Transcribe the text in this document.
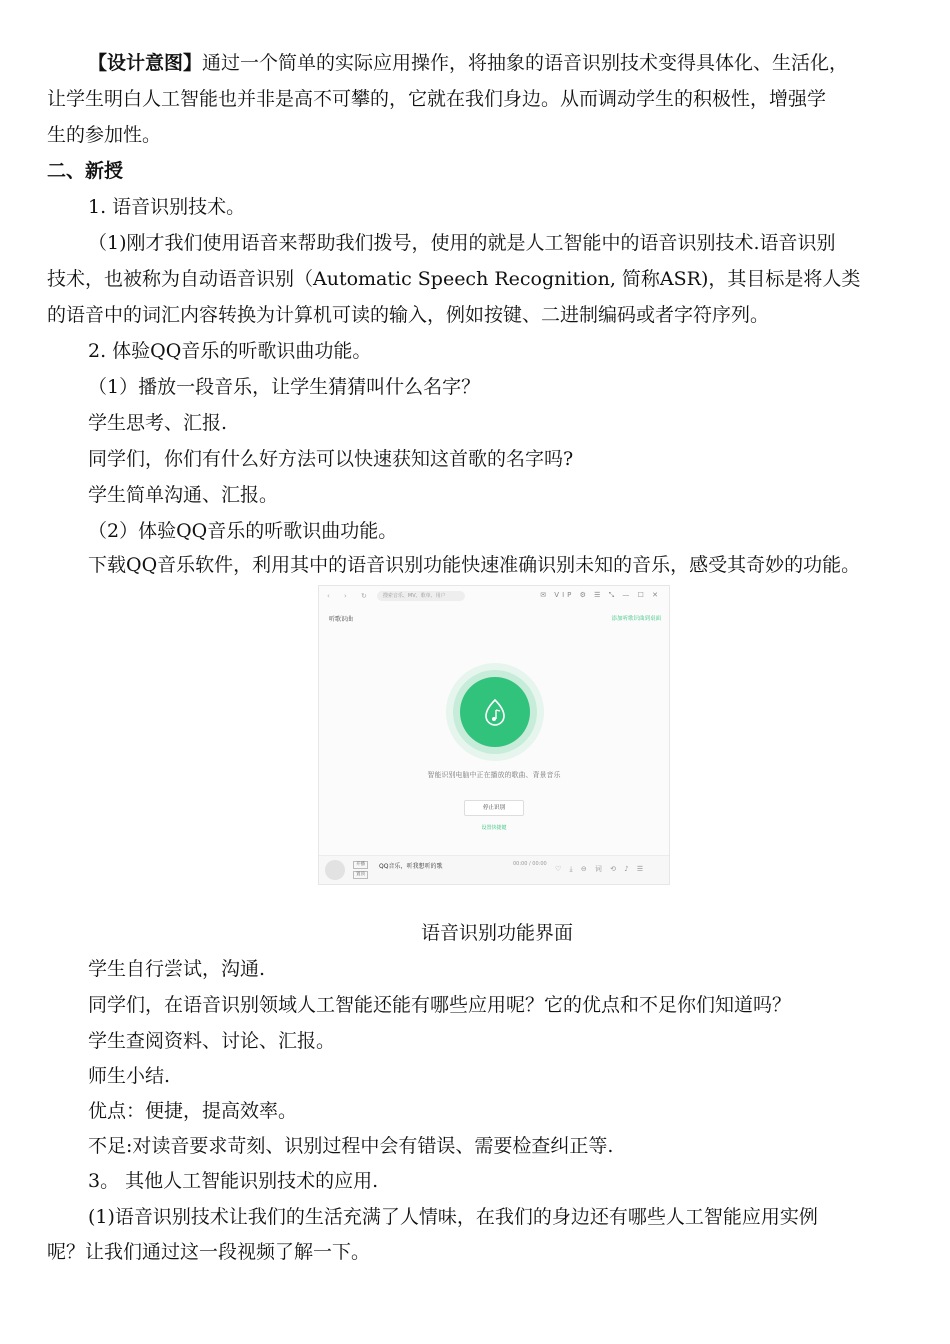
【设计意图】通过一个简单的实际应用操作，将抽象的语音识别技术变得具体化、生活化，
让学生明白人工智能也并非是高不可攀的，它就在我们身边。从而调动学生的积极性，增强学
生的参加性。
二、新授
1. 语音识别技术。
（1)刚才我们使用语音来帮助我们拨号，使用的就是人工智能中的语音识别技术.语音识别
技术，也被称为自动语音识别（Automatic Speech Recognition, 简称ASR)，其目标是将人类
的语音中的词汇内容转换为计算机可读的输入，例如按键、二进制编码或者字符序列。
2. 体验QQ音乐的听歌识曲功能。
（1）播放一段音乐，让学生猜猜叫什么名字？
学生思考、汇报.
同学们，你们有什么好方法可以快速获知这首歌的名字吗?
学生简单沟通、汇报。
（2）体验QQ音乐的听歌识曲功能。
下载QQ音乐软件，利用其中的语音识别功能快速准确识别未知的音乐，感受其奇妙的功能。
‹ › ↻	搜索音乐、MV、歌单、用户	✉ VIP ⚙ ☰ ⤡ — ☐ ✕
听歌识曲	添加听歌识曲到桌面
智能识别电脑中正在播放的歌曲、背景音乐
停止识别
设置快捷键
开播
置顶
QQ音乐，听我想听的歌	00:00 / 00:00
♡ ⤓ ⊖ 词 ⟲ ♪ ☰
语音识别功能界面
学生自行尝试，沟通.
同学们，在语音识别领域人工智能还能有哪些应用呢？它的优点和不足你们知道吗？
学生查阅资料、讨论、汇报。
师生小结.
优点：便捷，提高效率。
不足:对读音要求苛刻、识别过程中会有错误、需要检查纠正等.
3。 其他人工智能识别技术的应用.
(1)语音识别技术让我们的生活充满了人情味，在我们的身边还有哪些人工智能应用实例
呢？让我们通过这一段视频了解一下。
